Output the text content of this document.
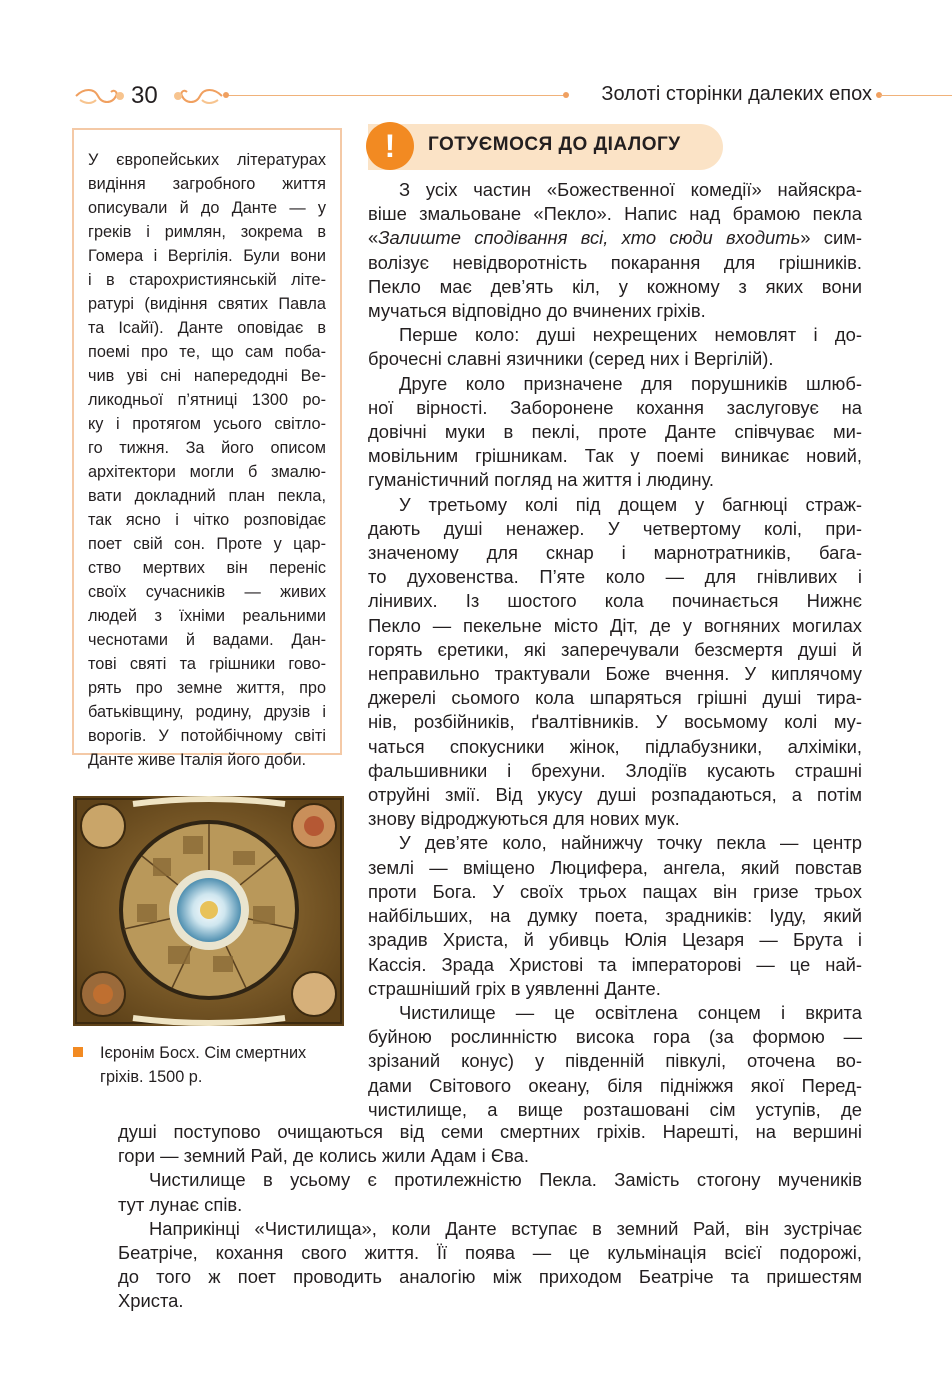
30	Золоті сторінки далеких епох
У європейських літературах
видіння загробного життя
описували й до Данте — у
греків і римлян, зокрема в
Гомера і Вергілія. Були вони
і в старохристиянській літе-
ратурі (видіння святих Павла
та Ісайї). Данте оповідає в
поемі про те, що сам поба-
чив уві сні напередодні Ве-
ликодньої п’ятниці 1300 ро-
ку і протягом усього світло-
го тижня. За його описом
архітектори могли б змалю-
вати докладний план пекла,
так ясно і чітко розповідає
поет свій сон. Проте у цар-
ство мертвих він переніс
своїх сучасників — живих
людей з їхніми реальними
чеснотами й вадами. Дан-
тові святі та грішники гово-
рять про земне життя, про
батьківщину, родину, друзів і
ворогів. У потойбічному світі
Данте живе Італія його доби.
Ієронім Босх. Сім смертних
гріхів. 1500 р.
!	ГОТУЄМОСЯ ДО ДІАЛОГУ
З усіх частин «Божественної комедії» найяскра-
віше змальоване «Пекло». Напис над брамою пекла
«Залиште сподівання всі, хто сюди входить» сим-
волізує невідворотність покарання для грішників.
Пекло має дев’ять кіл, у кожному з яких вони
мучаться відповідно до вчинених гріхів.
Перше коло: душі нехрещених немовлят і до-
брочесні славні язичники (серед них і Вергілій).
Друге коло призначене для порушників шлюб-
ної вірності. Заборонене кохання заслуговує на
довічні муки в пеклі, проте Данте співчуває ми-
мовільним грішникам. Так у поемі виникає новий,
гуманістичний погляд на життя і людину.
У третьому колі під дощем у багнюці страж-
дають душі ненажер. У четвертому колі, при-
значеному для скнар і марнотратників, бага-
то духовенства. П’яте коло — для гнівливих і
лінивих. Із шостого кола починається Нижнє
Пекло — пекельне місто Діт, де у вогняних могилах
горять єретики, які заперечували безсмертя душі й
неправильно трактували Боже вчення. У киплячому
джерелі сьомого кола шпаряться грішні душі тира-
нів, розбійників, ґвалтівників. У восьмому колі му-
чаться спокусники жінок, підлабузники, алхіміки,
фальшивники і брехуни. Злодіїв кусають страшні
отруйні змії. Від укусу душі розпадаються, а потім
знову відроджуються для нових мук.
У дев’яте коло, найнижчу точку пекла — центр
землі — вміщено Люцифера, ангела, який повстав
проти Бога. У своїх трьох пащах він гризе трьох
найбільших, на думку поета, зрадників: Іуду, який
зрадив Христа, й убивць Юлія Цезаря — Брута і
Кассія. Зрада Христові та імператорові — це най-
страшніший гріх в уявленні Данте.
Чистилище — це освітлена сонцем і вкрита
буйною рослинністю висока гора (за формою —
зрізаний конус) у південній півкулі, оточена во-
дами Світового океану, біля підніжжя якої Перед-
чистилище, а вище розташовані сім уступів, де
душі поступово очищаються від семи смертних гріхів. Нарешті, на вершині
гори — земний Рай, де колись жили Адам і Єва.
Чистилище в усьому є протилежністю Пекла. Замість стогону мучеників
тут лунає спів.
Наприкінці «Чистилища», коли Данте вступає в земний Рай, він зустрічає
Беатріче, кохання свого життя. Її поява — це кульмінація всієї подорожі,
до того ж поет проводить аналогію між приходом Беатріче та пришестям
Христа.
